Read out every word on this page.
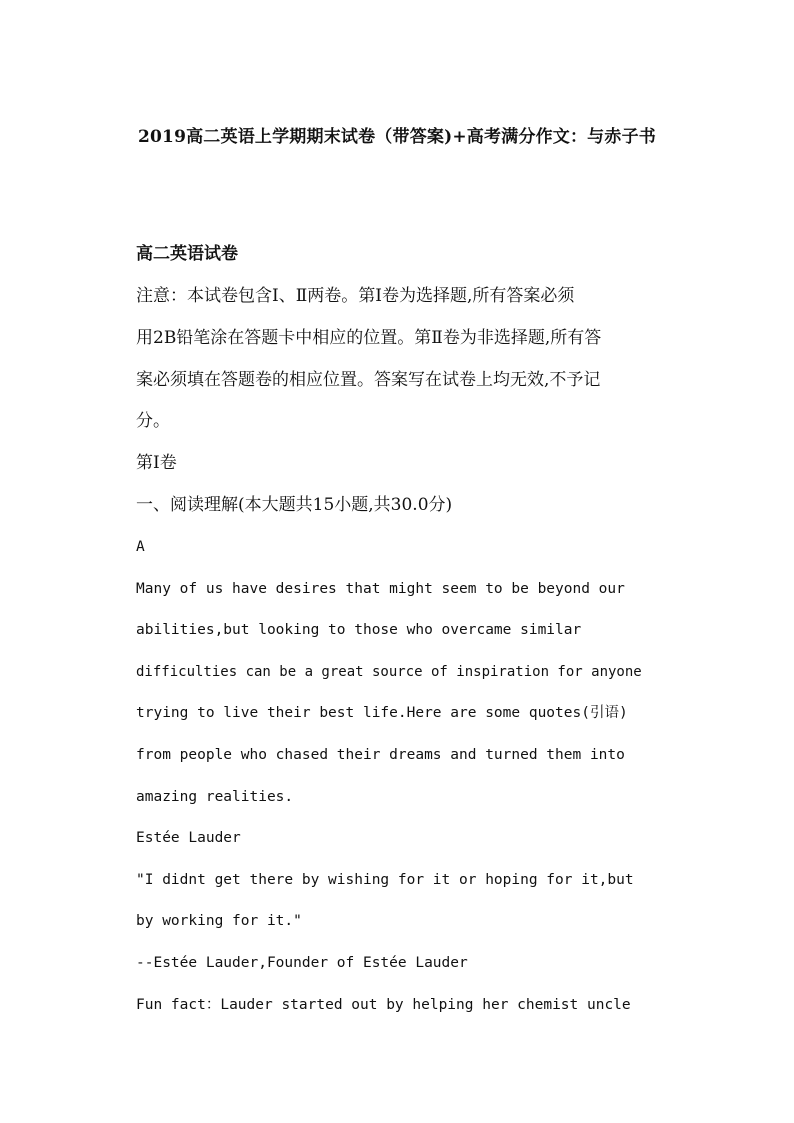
2019高二英语上学期期末试卷（带答案)+高考满分作文：与赤子书
高二英语试卷
注意：本试卷包含Ⅰ、Ⅱ两卷。第Ⅰ卷为选择题,所有答案必须
用2B铅笔涂在答题卡中相应的位置。第Ⅱ卷为非选择题,所有答
案必须填在答题卷的相应位置。答案写在试卷上均无效,不予记
分。
第Ⅰ卷
一、阅读理解(本大题共15小题,共30.0分)
A
Many of us have desires that might seem to be beyond our
abilities,but looking to those who overcame similar
difficulties can be a great source of inspiration for anyone
trying to live their best life.Here are some quotes(引语)
from people who chased their dreams and turned them into
amazing realities.
Estée Lauder
"I didnt get there by wishing for it or hoping for it,but
by working for it."
--Estée Lauder,Founder of Estée Lauder
Fun fact：Lauder started out by helping her chemist uncle
